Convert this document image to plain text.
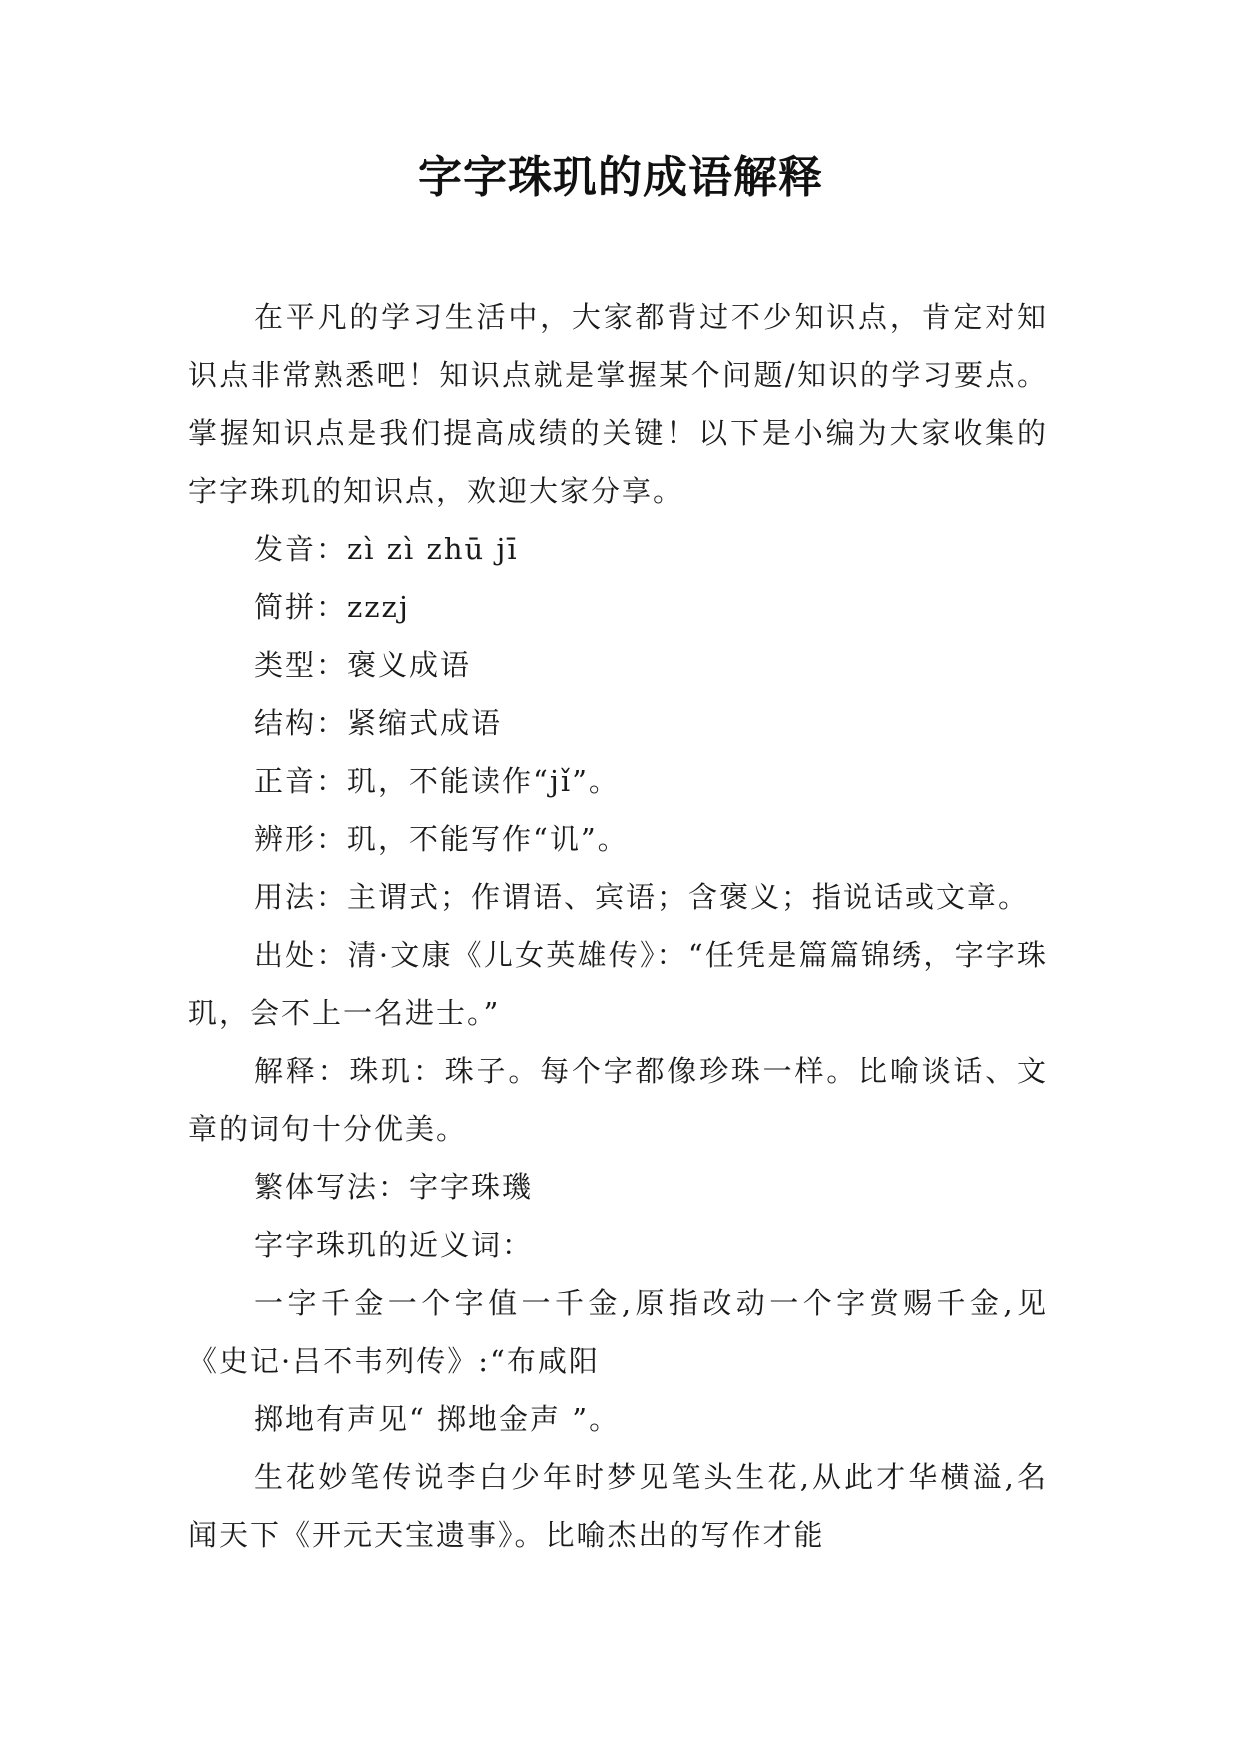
字字珠玑的成语解释

在平凡的学习生活中，大家都背过不少知识点，肯定对知识点非常熟悉吧！知识点就是掌握某个问题/知识的学习要点。掌握知识点是我们提高成绩的关键！以下是小编为大家收集的字字珠玑的知识点，欢迎大家分享。

发音：zì zì zhū jī

简拼：zzzj

类型：褒义成语

结构：紧缩式成语

正音：玑，不能读作“jǐ”。

辨形：玑，不能写作“讥”。

用法：主谓式；作谓语、宾语；含褒义；指说话或文章。

出处：清·文康《儿女英雄传》：“任凭是篇篇锦绣，字字珠玑，会不上一名进士。”

解释：珠玑：珠子。每个字都像珍珠一样。比喻谈话、文章的词句十分优美。

繁体写法：字字珠璣

字字珠玑的近义词：

一字千金一个字值一千金,原指改动一个字赏赐千金,见《史记·吕不韦列传》:“布咸阳

掷地有声见“ 掷地金声 ”。

生花妙笔传说李白少年时梦见笔头生花,从此才华横溢,名闻天下《开元天宝遗事》。比喻杰出的写作才能
